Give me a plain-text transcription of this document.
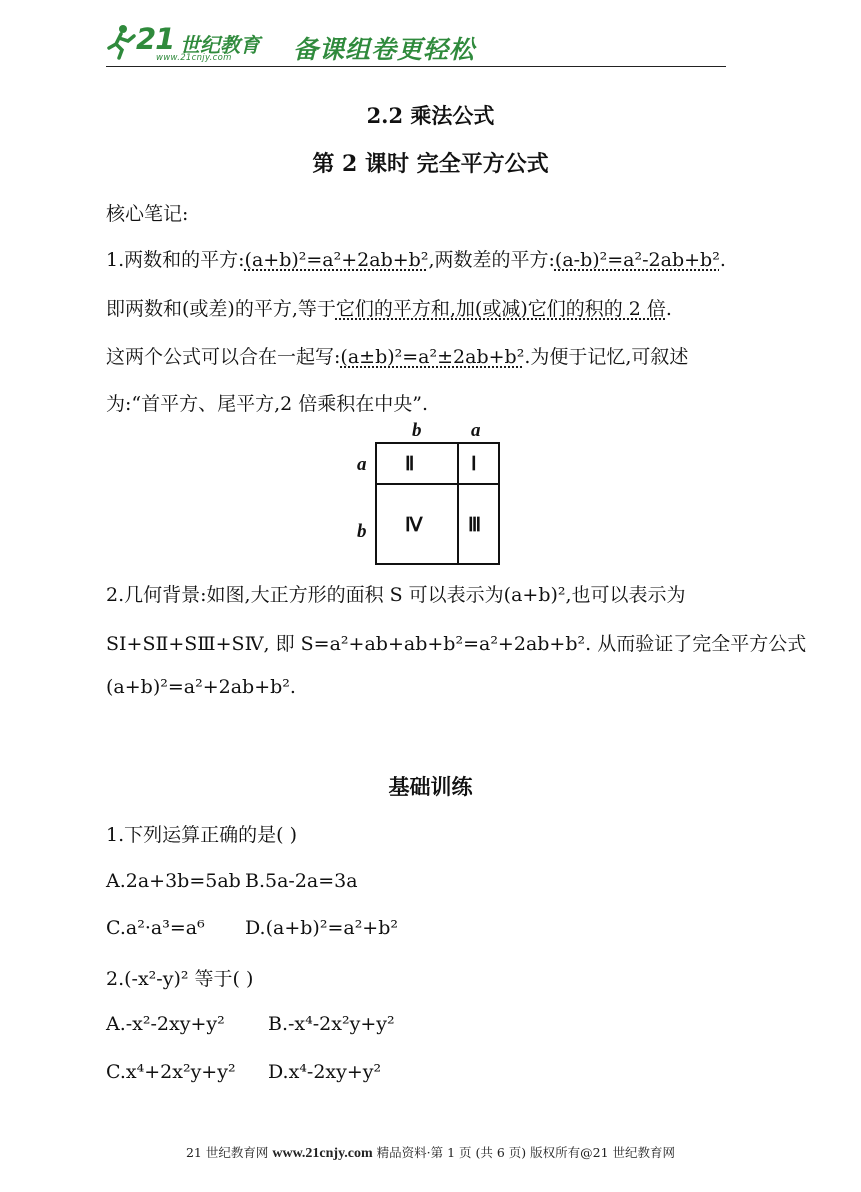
21 世纪教育
www.21cnjy.com 备课组卷更轻松
2.2 乘法公式
第 2 课时 完全平方公式
核心笔记:
1.两数和的平方:(a+b)²=a²+2ab+b²,两数差的平方:(a-b)²=a²-2ab+b².
即两数和(或差)的平方,等于它们的平方和,加(或减)它们的积的 2 倍.
这两个公式可以合在一起写:(a±b)²=a²±2ab+b².为便于记忆,可叙述
为:“首平方、尾平方,2 倍乘积在中央”.
b	a
a
b
Ⅱ	Ⅰ
Ⅳ Ⅲ
2.几何背景:如图,大正方形的面积 S 可以表示为(a+b)²,也可以表示为
SⅠ+SⅡ+SⅢ+SⅣ, 即 S=a²+ab+ab+b²=a²+2ab+b². 从而验证了完全平方公式
(a+b)²=a²+2ab+b².
基础训练
1.下列运算正确的是( )
A.2a+3b=5ab B.5a-2a=3a
C.a²·a³=a⁶ D.(a+b)²=a²+b²
2.(-x²-y)² 等于( )
A.-x²-2xy+y² B.-x⁴-2x²y+y²
C.x⁴+2x²y+y² D.x⁴-2xy+y²
21 世纪教育网 www.21cnjy.com 精品资料·第 1 页 (共 6 页) 版权所有@21 世纪教育网
